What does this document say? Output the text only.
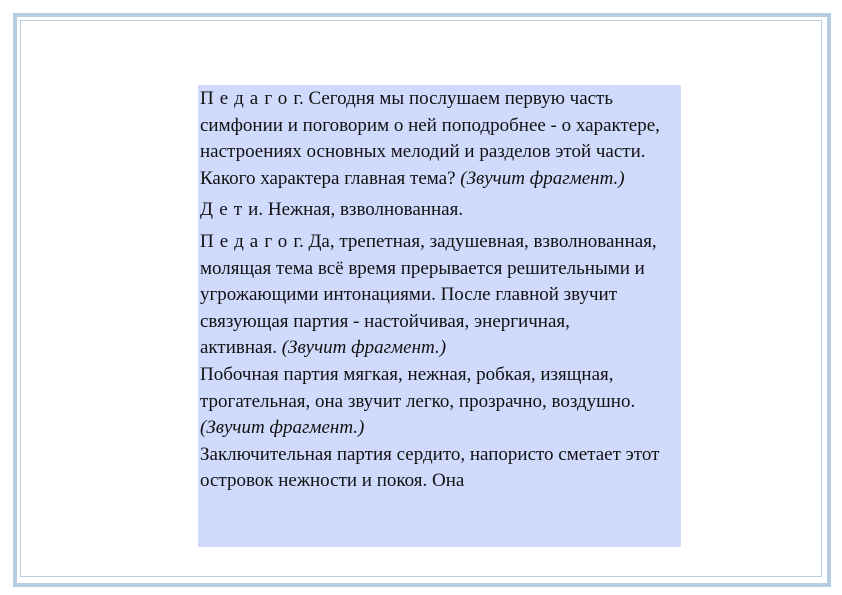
Педагог. Сегодня мы послушаем первую часть симфонии и поговорим о ней поподробнее - о характере, настроениях основных мелодий и разделов этой части. Какого характера главная тема? (Звучит фрагмент.)

Дети. Нежная, взволнованная.

Педагог. Да, трепетная, задушевная, взволнованная, молящая тема всё время прерывается решительными и угрожающими интонациями. После главной звучит связующая партия - настойчивая, энергичная,
активная. (Звучит фрагмент.)

Побочная партия мягкая, нежная, робкая, изящная, трогательная, она звучит легко, прозрачно, воздушно. (Звучит фрагмент.)

Заключительная партия сердито, напористо сметает этот островок нежности и покоя. Она
